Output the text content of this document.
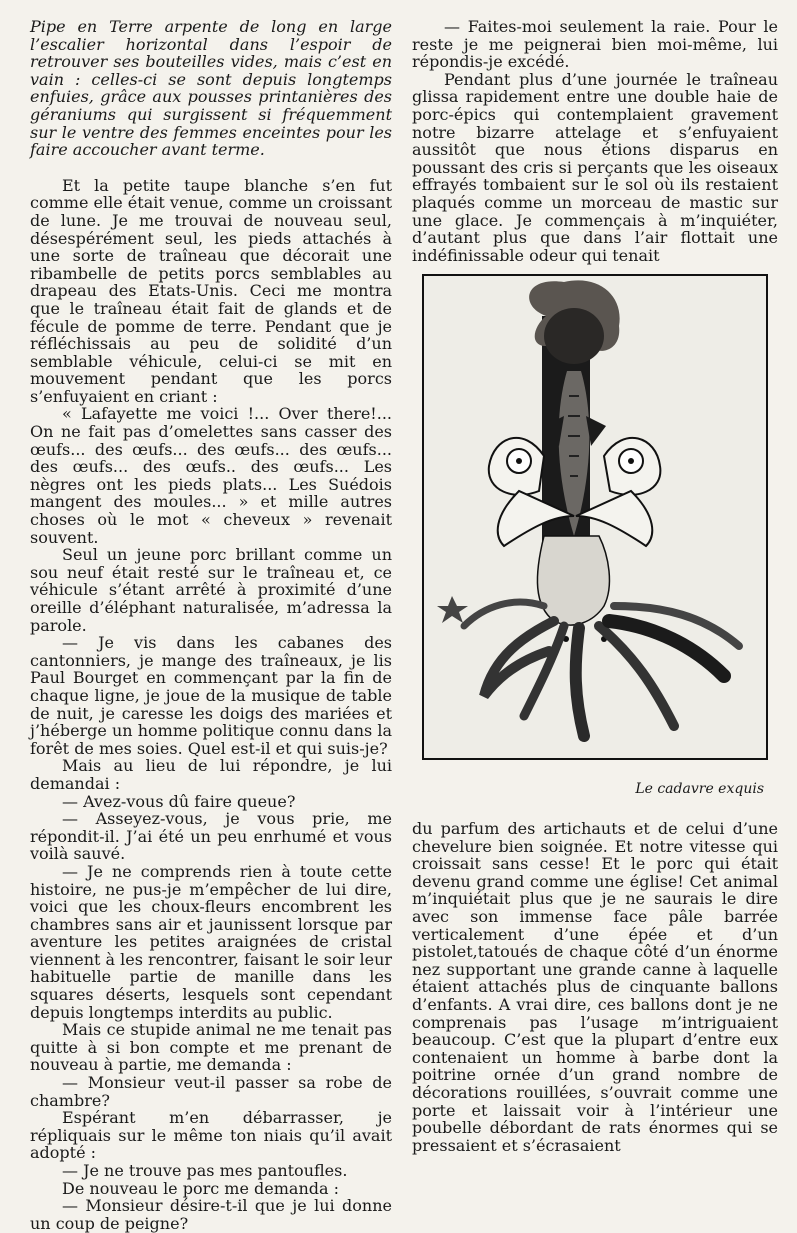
Pipe en Terre arpente de long en large l’escalier horizontal dans l’espoir de retrouver ses bouteilles vides, mais c’est en vain : celles-ci se sont depuis longtemps enfuies, grâce aux pousses printanières des géraniums qui surgissent si fréquemment sur le ventre des femmes enceintes pour les faire accoucher avant terme.

Et la petite taupe blanche s’en fut comme elle était venue, comme un croissant de lune. Je me trouvai de nouveau seul, désespérément seul, les pieds attachés à une sorte de traîneau que décorait une ribambelle de petits porcs semblables au drapeau des Etats-Unis. Ceci me montra que le traîneau était fait de glands et de fécule de pomme de terre. Pendant que je réfléchissais au peu de solidité d’un semblable véhicule, celui-ci se mit en mouvement pendant que les porcs s’enfuyaient en criant :

« Lafayette me voici !... Over there!... On ne fait pas d’omelettes sans casser des œufs... des œufs... des œufs... des œufs... des œufs... des œufs.. des œufs... Les nègres ont les pieds plats... Les Suédois mangent des moules... » et mille autres choses où le mot « cheveux » revenait souvent.

Seul un jeune porc brillant comme un sou neuf était resté sur le traîneau et, ce véhicule s’étant arrêté à proximité d’une oreille d’éléphant naturalisée, m’adressa la parole.

— Je vis dans les cabanes des cantonniers, je mange des traîneaux, je lis Paul Bourget en commençant par la fin de chaque ligne, je joue de la musique de table de nuit, je caresse les doigs des mariées et j’héberge un homme politique connu dans la forêt de mes soies. Quel est-il et qui suis-je?

Mais au lieu de lui répondre, je lui demandai :

— Avez-vous dû faire queue?

— Asseyez-vous, je vous prie, me répondit-il. J’ai été un peu enrhumé et vous voilà sauvé.

— Je ne comprends rien à toute cette histoire, ne pus-je m’empêcher de lui dire, voici que les choux-fleurs encombrent les chambres sans air et jaunissent lorsque par aventure les petites araignées de cristal viennent à les rencontrer, faisant le soir leur habituelle partie de manille dans les squares déserts, lesquels sont cependant depuis longtemps interdits au public.

Mais ce stupide animal ne me tenait pas quitte à si bon compte et me prenant de nouveau à partie, me demanda :

— Monsieur veut-il passer sa robe de chambre?

Espérant m’en débarrasser, je répliquais sur le même ton niais qu’il avait adopté :

— Je ne trouve pas mes pantoufles.

De nouveau le porc me demanda :

— Monsieur désire-t-il que je lui donne un coup de peigne?

— Faites-moi seulement la raie. Pour le reste je me peignerai bien moi-même, lui répondis-je excédé.

Pendant plus d’une journée le traîneau glissa rapidement entre une double haie de porc-épics qui contemplaient gravement notre bizarre attelage et s’enfuyaient aussitôt que nous étions disparus en poussant des cris si perçants que les oiseaux effrayés tombaient sur le sol où ils restaient plaqués comme un morceau de mastic sur une glace. Je commençais à m’inquiéter, d’autant plus que dans l’air flottait une indéfinissable odeur qui tenait

Le cadavre exquis

du parfum des artichauts et de celui d’une chevelure bien soignée. Et notre vitesse qui croissait sans cesse! Et le porc qui était devenu grand comme une église! Cet animal m’inquiétait plus que je ne saurais le dire avec son immense face pâle barrée verticalement d’une épée et d’un pistolet,tatoués de chaque côté d’un énorme nez supportant une grande canne à laquelle étaient attachés plus de cinquante ballons d’enfants. A vrai dire, ces ballons dont je ne comprenais pas l’usage m’intriguaient beaucoup. C’est que la plupart d’entre eux contenaient un homme à barbe dont la poitrine ornée d’un grand nombre de décorations rouillées, s’ouvrait comme une porte et laissait voir à l’intérieur une poubelle débordant de rats énormes qui se pressaient et s’écrasaient
